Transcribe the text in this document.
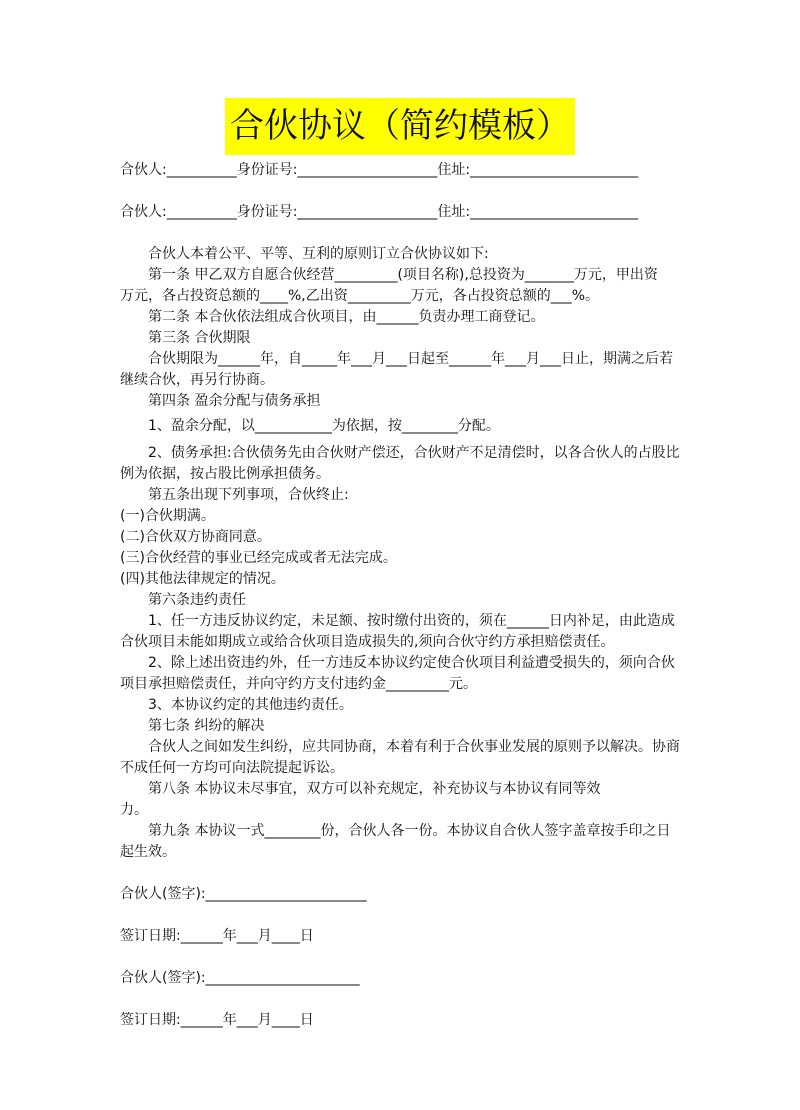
合伙协议（简约模板）
合伙人:__________身份证号:____________________住址:________________________
合伙人:__________身份证号:____________________住址:________________________
合伙人本着公平、平等、互利的原则订立合伙协议如下:
第一条 甲乙双方自愿合伙经营_________(项目名称),总投资为_______万元，甲出资
万元，各占投资总额的____%,乙出资_________万元，各占投资总额的___%。
第二条 本合伙依法组成合伙项目，由______负责办理工商登记。
第三条 合伙期限
合伙期限为______年，自_____年___月___日起至______年___月___日止，期满之后若
继续合伙，再另行协商。
第四条 盈余分配与债务承担
1、盈余分配，以___________为依据，按________分配。
2、债务承担:合伙债务先由合伙财产偿还，合伙财产不足清偿时，以各合伙人的占股比
例为依据，按占股比例承担债务。
第五条出现下列事项，合伙终止:
(一)合伙期满。
(二)合伙双方协商同意。
(三)合伙经营的事业已经完成或者无法完成。
(四)其他法律规定的情况。
第六条违约责任
1、任一方违反协议约定，未足额、按时缴付出资的，须在______日内补足，由此造成
合伙项目未能如期成立或给合伙项目造成损失的,须向合伙守约方承担赔偿责任。
2、除上述出资违约外，任一方违反本协议约定使合伙项目利益遭受损失的，须向合伙
项目承担赔偿责任，并向守约方支付违约金_________元。
3、本协议约定的其他违约责任。
第七条 纠纷的解决
合伙人之间如发生纠纷，应共同协商，本着有利于合伙事业发展的原则予以解决。协商
不成任何一方均可向法院提起诉讼。
第八条 本协议未尽事宜，双方可以补充规定，补充协议与本协议有同等效
力。
第九条 本协议一式________份，合伙人各一份。本协议自合伙人签字盖章按手印之日
起生效。
合伙人(签字):_______________________
签订日期:______年___月____日
合伙人(签字):______________________
签订日期:______年___月____日
